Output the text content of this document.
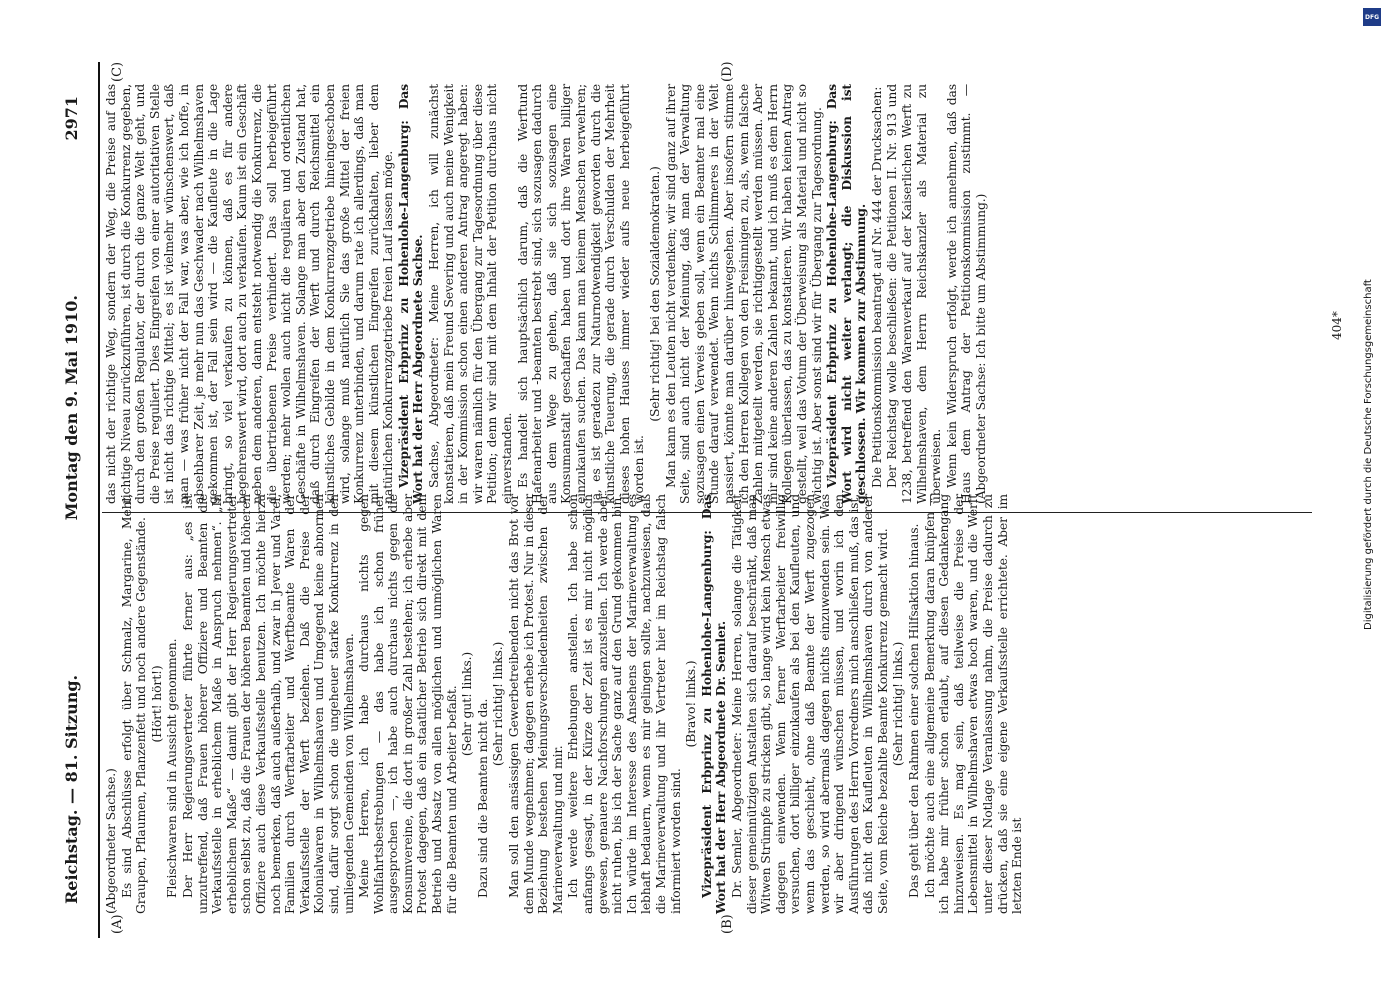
Reichstag. — 81. Sitzung.
Montag den 9. Mai 1910.
2971
(A)	(B)
(C)	(D)

(Abgeordneter Sachse.) Es sind Abschlüsse erfolgt über Schmalz, Margarine, Mehl, Graupen, Pflaumen, Pflanzenfett und noch andere Gegenstände. (Hört! hört!) Fleischwaren sind in Aussicht genommen. Der Herr Regierungsvertreter führte ferner aus: „es ist unzutreffend, daß Frauen höherer Offiziere und Beamten die Verkaufsstelle in erheblichem Maße in Anspruch nehmen“. „In erheblichem Maße“ — damit gibt der Herr Regierungsvertreter schon selbst zu, daß die Frauen der höheren Beamten und höheren Offiziere auch diese Verkaufsstelle benutzen. Ich möchte hierzu noch bemerken, daß auch außerhalb, und zwar in Jever und Varel, Familien durch Werftarbeiter und Werftbeamte Waren der Verkaufsstelle der Werft beziehen. Daß die Preise der Kolonialwaren in Wilhelmshaven und Umgegend keine abnormen sind, dafür sorgt schon die ungeheuer starke Konkurrenz in den umliegenden Gemeinden von Wilhelmshaven. Meine Herren, ich habe durchaus nichts gegen Wohlfahrtsbestrebungen — das habe ich schon früher ausgesprochen —, ich habe auch durchaus nichts gegen die Konsumvereine, die dort in großer Zahl bestehen; ich erhebe aber Protest dagegen, daß ein staatlicher Betrieb sich direkt mit dem Betrieb und Absatz von allen möglichen und unmöglichen Waren für die Beamten und Arbeiter befaßt. (Sehr gut! links.) Dazu sind die Beamten nicht da. (Sehr richtig! links.) Man soll den ansässigen Gewerbetreibenden nicht das Brot vor dem Munde wegnehmen; dagegen erhebe ich Protest. Nur in dieser Beziehung bestehen Meinungsverschiedenheiten zwischen der Marineverwaltung und mir. Ich werde weitere Erhebungen anstellen. Ich habe schon anfangs gesagt, in der Kürze der Zeit ist es mir nicht möglich gewesen, genauere Nachforschungen anzustellen. Ich werde aber nicht ruhen, bis ich der Sache ganz auf den Grund gekommen bin. Ich würde im Interesse des Ansehens der Marineverwaltung es lebhaft bedauern, wenn es mir gelingen sollte, nachzuweisen, daß die Marineverwaltung und ihr Vertreter hier im Reichstag falsch informiert worden sind.

(Bravo! links.) Vizepräsident Erbprinz zu Hohenlohe-Langenburg: Das Wort hat der Herr Abgeordnete Dr. Semler. Dr. Semler, Abgeordneter: Meine Herren, solange die Tätigkeit dieser gemeinnützigen Anstalten sich darauf beschränkt, daß man Witwen Strümpfe zu stricken gibt, so lange wird kein Mensch etwas dagegen einwenden. Wenn ferner Werftarbeiter freiwillig versuchen, dort billiger einzukaufen als bei den Kaufleuten, und wenn das geschieht, ohne daß Beamte der Werft zugezogen werden, so wird abermals dagegen nichts einzuwenden sein. Was wir aber dringend wünschen müssen, und worin ich den Ausführungen des Herrn Vorredners mich anschließen muß, das ist, daß nicht den Kaufleuten in Wilhelmshaven durch von anderer Seite, vom Reiche bezahlte Beamte Konkurrenz gemacht wird. (Sehr richtig! links.) Das geht über den Rahmen einer solchen Hilfsaktion hinaus. Ich möchte auch eine allgemeine Bemerkung daran knüpfen — ich habe mir früher schon erlaubt, auf diesen Gedankengang hinzuweisen. Es mag sein, daß teilweise die Preise der Lebensmittel in Wilhelmshaven etwas hoch waren, und die Werft unter dieser Notlage Veranlassung nahm, die Preise dadurch zu drücken, daß sie eine eigene Verkaufsstelle errichtete. Aber im letzten Ende ist

das nicht der richtige Weg, sondern der Weg, die Preise auf das richtige Niveau zurückzuführen, ist durch die Konkurrenz gegeben, durch den großen Regulator, der durch die ganze Welt geht, und die Preise reguliert. Dies Eingreifen von einer autoritativen Stelle ist nicht das richtige Mittel; es ist vielmehr wünschenswert, daß man — was früher nicht der Fall war, was aber, wie ich hoffe, in absehbarer Zeit, je mehr nun das Geschwader nach Wilhelmshaven gekommen ist, der Fall sein wird — die Kaufleute in die Lage bringt, so viel verkaufen zu können, daß es für andere begehrenswert wird, dort auch zu verkaufen. Kaum ist ein Geschäft neben dem anderen, dann entsteht notwendig die Konkurrenz, die die übertriebenen Preise verhindert. Das soll herbeigeführt werden; mehr wollen auch nicht die regulären und ordentlichen Geschäfte in Wilhelmshaven. Solange man aber den Zustand hat, daß durch Eingreifen der Werft und durch Reichsmittel ein künstliches Gebilde in dem Konkurrenzgetriebe hineingeschoben wird, solange muß natürlich Sie das große Mittel der freien Konkurrenz unterbinden, und darum rate ich allerdings, daß man mit diesem künstlichen Eingreifen zurückhalten, lieber dem natürlichen Konkurrenzgetriebe freien Lauf lassen möge. Vizepräsident Erbprinz zu Hohenlohe-Langenburg: Das Wort hat der Herr Abgeordnete Sachse. Sachse, Abgeordneter: Meine Herren, ich will zunächst konstatieren, daß mein Freund Severing und auch meine Wenigkeit in der Kommission schon einen anderen Antrag angeregt haben: wir waren nämlich für den Übergang zur Tagesordnung über diese Petition; denn wir sind mit dem Inhalt der Petition durchaus nicht einverstanden. Es handelt sich hauptsächlich darum, daß die Werftund Hafenarbeiter und -beamten bestrebt sind, sich sozusagen dadurch aus dem Wege zu gehen, daß sie sich sozusagen eine Konsumanstalt geschaffen haben und dort ihre Waren billiger einzukaufen suchen. Das kann man keinem Menschen verwehren; ja, es ist geradezu zur Naturnotwendigkeit geworden durch die künstliche Teuerung, die gerade durch Verschulden der Mehrheit dieses hohen Hauses immer wieder aufs neue herbeigeführt worden ist.

(Sehr richtig! bei den Sozialdemokraten.) Man kann es den Leuten nicht verdenken; wir sind ganz auf ihrer Seite, sind auch nicht der Meinung, daß man der Verwaltung sozusagen einen Verweis geben soll, wenn ein Beamter mal eine Stunde darauf verwendet. Wenn nichts Schlimmeres in der Welt passiert, könnte man darüber hinwegsehen. Aber insofern stimme ich den Herren Kollegen von den Freisinnigen zu, als, wenn falsche Zahlen mitgeteilt werden, sie richtiggestellt werden müssen. Aber mir sind keine anderen Zahlen bekannt, und ich muß es dem Herrn Kollegen überlassen, das zu konstatieren. Wir haben keinen Antrag gestellt, weil das Votum der Überweisung als Material und nicht so wichtig ist. Aber sonst sind wir für Übergang zur Tagesordnung. Vizepräsident Erbprinz zu Hohenlohe-Langenburg: Das Wort wird nicht weiter verlangt; die Diskussion ist geschlossen. Wir kommen zur Abstimmung. Die Petitionskommission beantragt auf Nr. 444 der Drucksachen: Der Reichstag wolle beschließen: die Petitionen II. Nr. 913 und 1238, betreffend den Warenverkauf auf der Kaiserlichen Werft zu Wilhelmshaven, dem Herrn Reichskanzler als Material zu überweisen. Wenn kein Widerspruch erfolgt, werde ich annehmen, daß das Haus dem Antrag der Petitionskommission zustimmt. — (Abgeordneter Sachse: Ich bitte um Abstimmung.)	404* Digitalisierung gefördert durch die Deutsche Forschungsgemeinschaft
DFG
